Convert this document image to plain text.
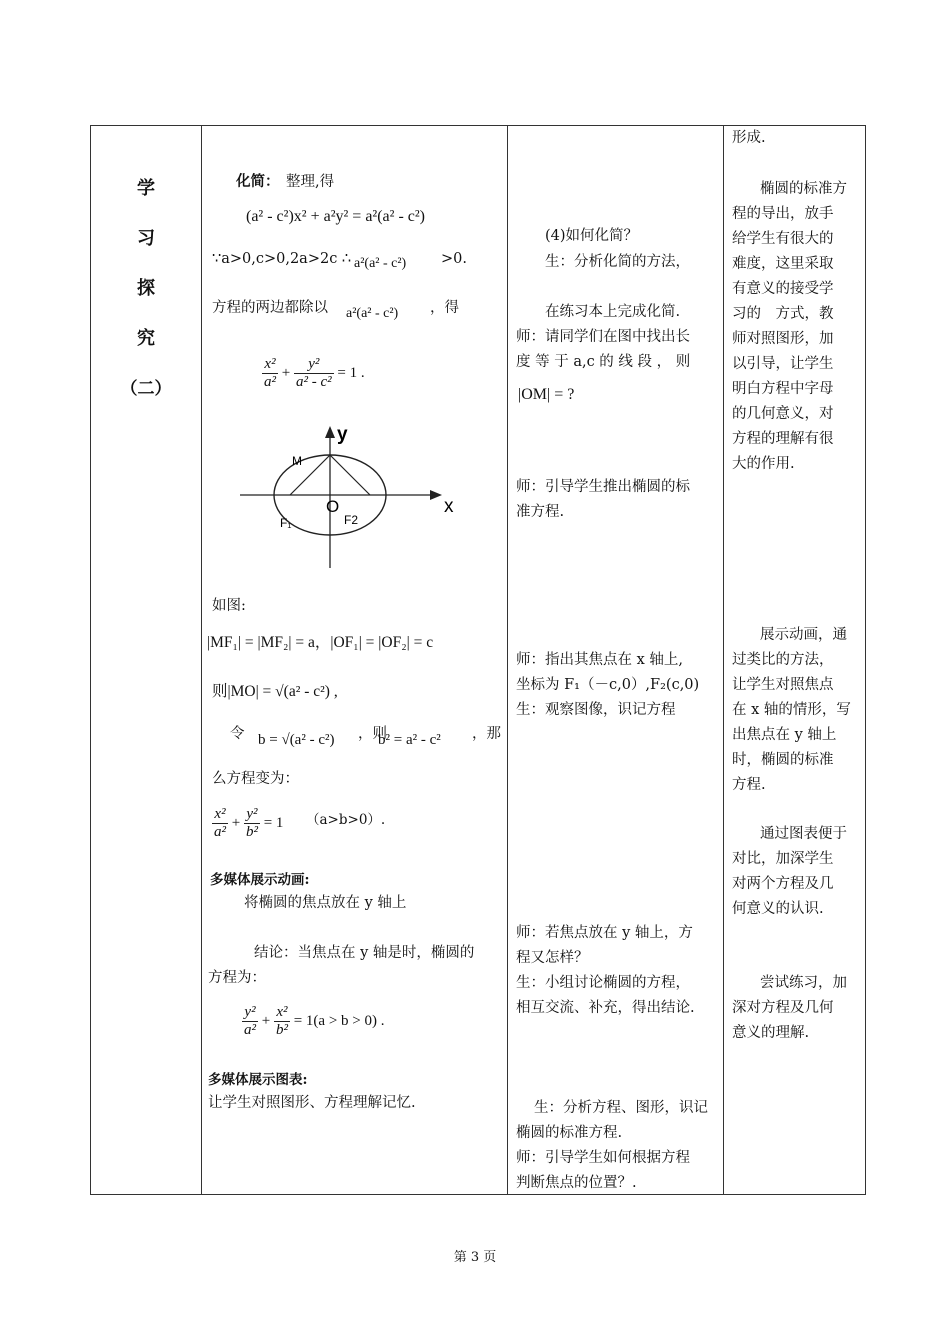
学
习
探
究
（二）
化简： 整理,得
(a² - c²)x² + a²y² = a²(a² - c²)
∵a>0,c>0,2a>2c ∴ a²(a² - c²) >0.
方程的两边都除以 a²(a² - c²) ，得
$\frac{\text{x²}}{\text{a²}} + \frac{\text{y²}}{\text{a² - c²}} = 1$ .
y
x
M
O
F₁	F2
如图:
|MF₁| = |MF₂| = a，|OF₁| = |OF₂| = c
则|MO| = √(a² - c²) ,
令 b = √(a² - c²) ，则
b² = a² - c² ，那
么方程变为：
$\frac{\text{x²}}{\text{a²}} + \frac{\text{y²}}{\text{b²}} = 1$ （a>b>0）.
多媒体展示动画:
将椭圆的焦点放在 y 轴上
结论：当焦点在 y 轴是时，椭圆的
方程为：
$\frac{\text{y²}}{\text{a²}} + \frac{\text{x²}}{\text{b²}} = 1(a > b > 0)$ .
多媒体展示图表:
让学生对照图形、方程理解记忆.
(4)如何化简？
生：分析化简的方法，
在练习本上完成化简.
师：请同学们在图中找出长
度 等 于 a,c 的 线 段 ， 则
|OM| = ?
师：引导学生推出椭圆的标
准方程.
师：指出其焦点在 x 轴上,
坐标为 F₁（－c,0）,F₂(c,0)
生：观察图像，识记方程
师：若焦点放在 y 轴上，方
程又怎样？
生：小组讨论椭圆的方程，
相互交流、补充，得出结论.
生：分析方程、图形，识记
椭圆的标准方程.
师：引导学生如何根据方程
判断焦点的位置？.
形成.
椭圆的标准方
程的导出，放手
给学生有很大的
难度，这里采取
有意义的接受学
习的　方式，教
师对照图形，加
以引导，让学生
明白方程中字母
的几何意义，对
方程的理解有很
大的作用.
展示动画，通
过类比的方法，
让学生对照焦点
在 x 轴的情形，写
出焦点在 y 轴上
时，椭圆的标准
方程.
通过图表便于
对比，加深学生
对两个方程及几
何意义的认识.
尝试练习，加
深对方程及几何
意义的理解.
第 3 页
